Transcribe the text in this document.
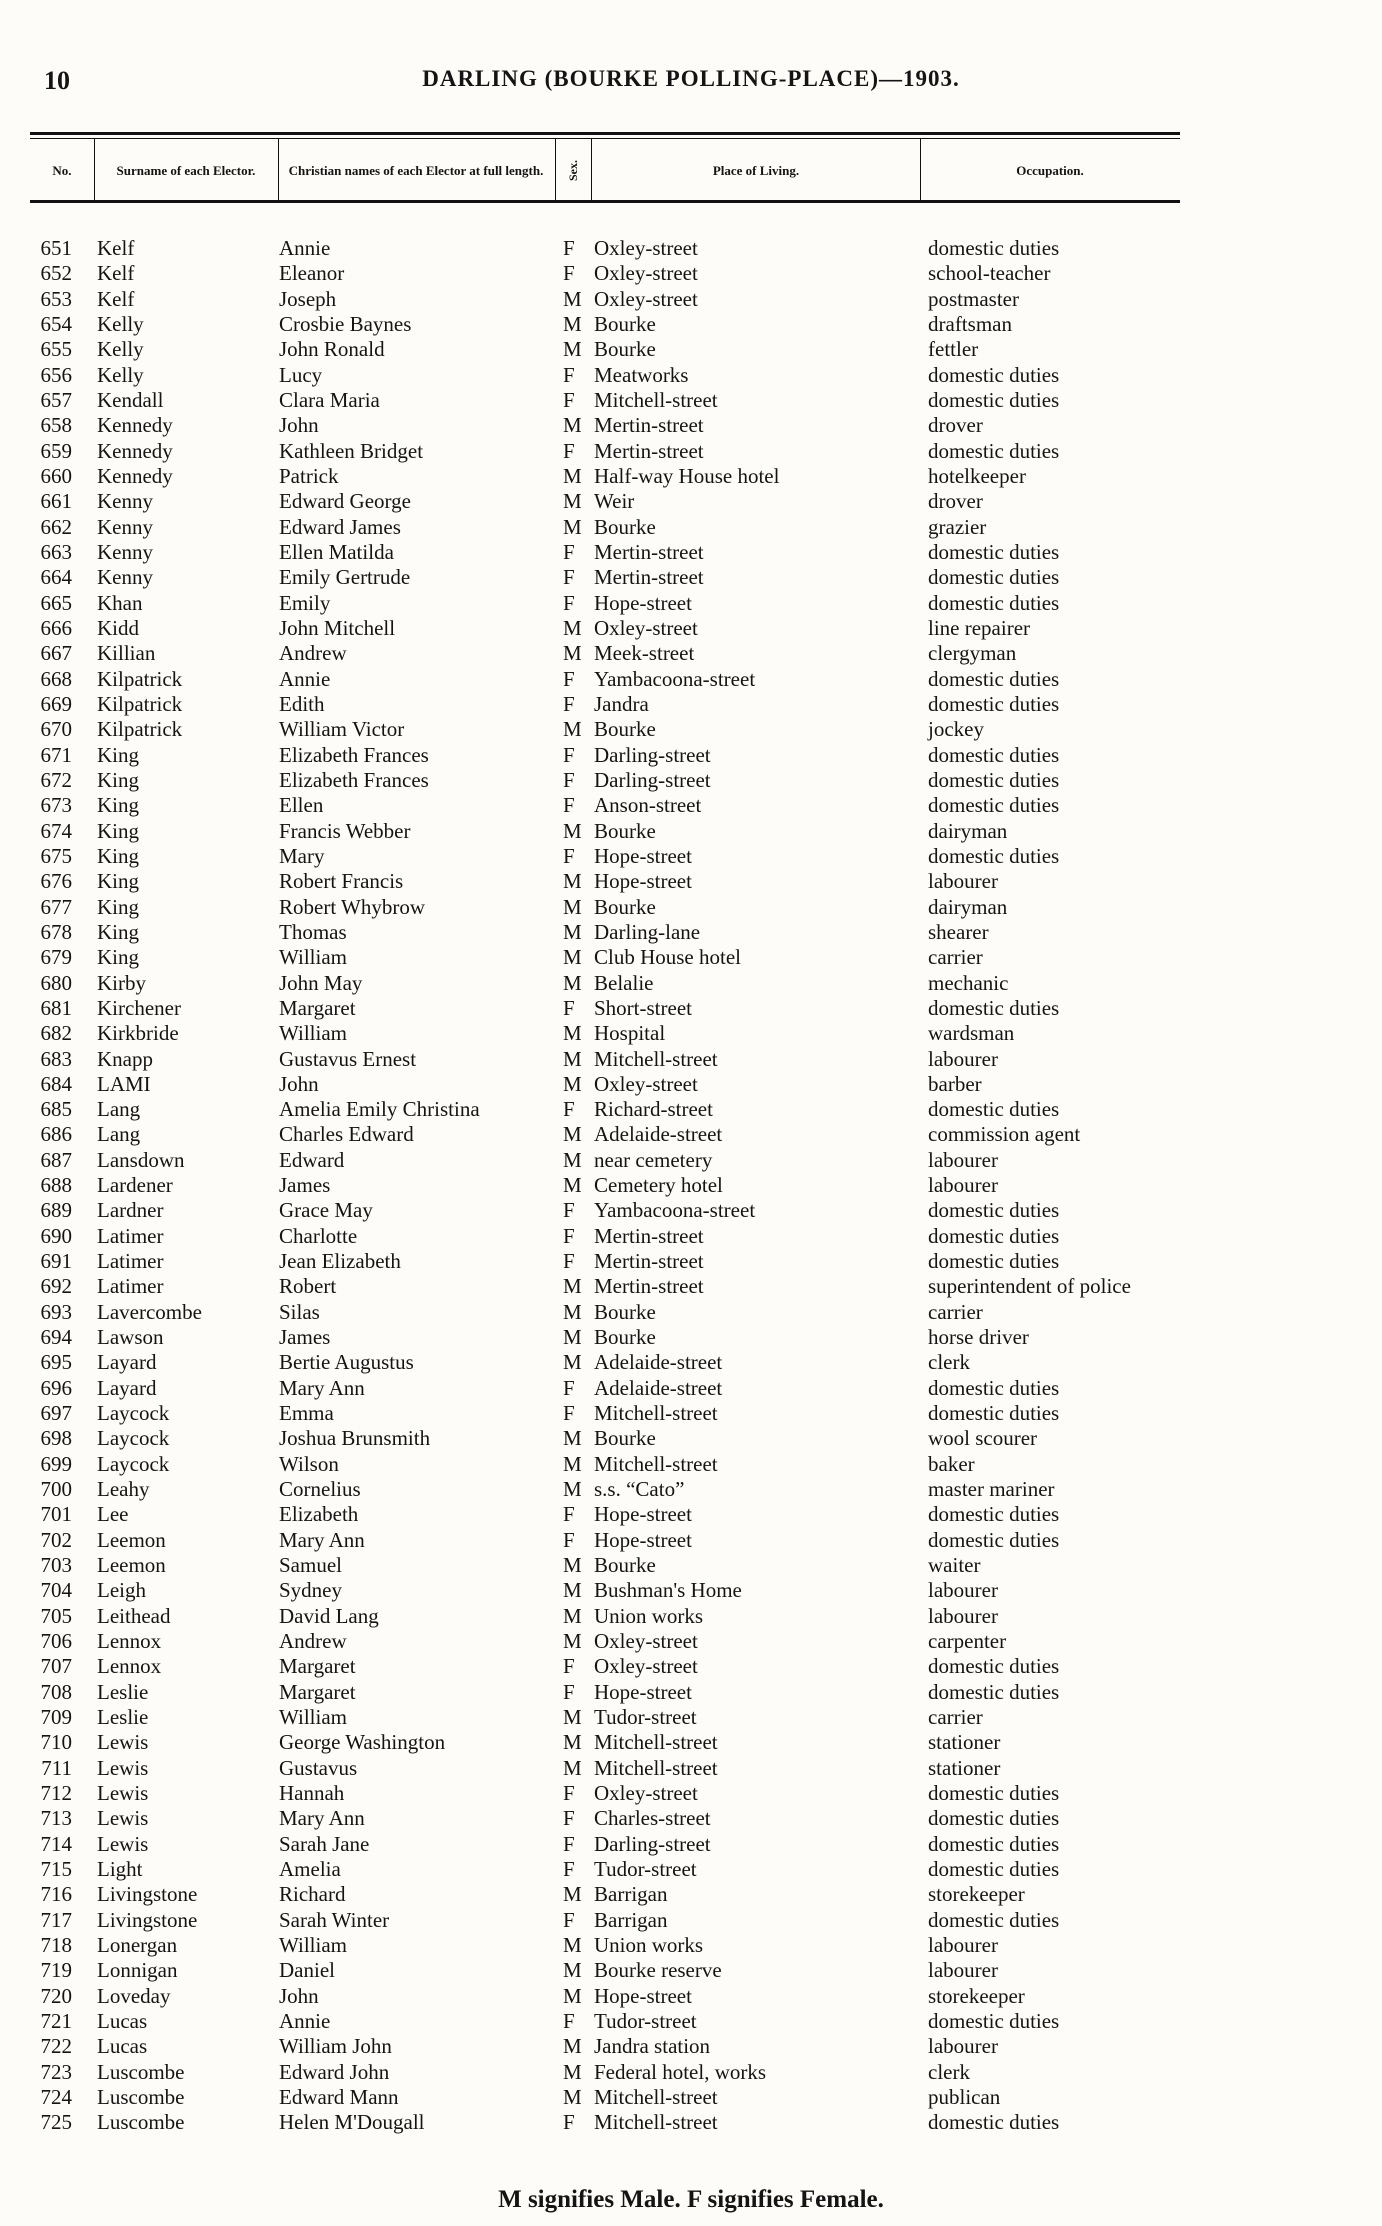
10	DARLING (BOURKE POLLING-PLACE)—1903.
No.	Surname of each Elector.	Christian names of each Elector at full length.	Sex.	Place of Living.	Occupation.
651 Kelf	Annie	F Oxley-street	domestic duties
652 Kelf	Eleanor	F Oxley-street	school-teacher
653 Kelf	Joseph	M Oxley-street	postmaster
654 Kelly	Crosbie Baynes	M Bourke	draftsman
655 Kelly	John Ronald	M Bourke	fettler
656 Kelly	Lucy	F Meatworks	domestic duties
657 Kendall	Clara Maria	F Mitchell-street	domestic duties
658 Kennedy	John	M Mertin-street	drover
659 Kennedy	Kathleen Bridget	F Mertin-street	domestic duties
660 Kennedy	Patrick	M Half-way House hotel	hotelkeeper
661 Kenny	Edward George	M Weir	drover
662 Kenny	Edward James	M Bourke	grazier
663 Kenny	Ellen Matilda	F Mertin-street	domestic duties
664 Kenny	Emily Gertrude	F Mertin-street	domestic duties
665 Khan	Emily	F Hope-street	domestic duties
666 Kidd	John Mitchell	M Oxley-street	line repairer
667 Killian	Andrew	M Meek-street	clergyman
668 Kilpatrick	Annie	F Yambacoona-street	domestic duties
669 Kilpatrick	Edith	F Jandra	domestic duties
670 Kilpatrick	William Victor	M Bourke	jockey
671 King	Elizabeth Frances	F Darling-street	domestic duties
672 King	Elizabeth Frances	F Darling-street	domestic duties
673 King	Ellen	F Anson-street	domestic duties
674 King	Francis Webber	M Bourke	dairyman
675 King	Mary	F Hope-street	domestic duties
676 King	Robert Francis	M Hope-street	labourer
677 King	Robert Whybrow	M Bourke	dairyman
678 King	Thomas	M Darling-lane	shearer
679 King	William	M Club House hotel	carrier
680 Kirby	John May	M Belalie	mechanic
681 Kirchener	Margaret	F Short-street	domestic duties
682 Kirkbride	William	M Hospital	wardsman
683 Knapp	Gustavus Ernest	M Mitchell-street	labourer
684 LAMI	John	M Oxley-street	barber
685 Lang	Amelia Emily Christina	F Richard-street	domestic duties
686 Lang	Charles Edward	M Adelaide-street	commission agent
687 Lansdown	Edward	M near cemetery	labourer
688 Lardener	James	M Cemetery hotel	labourer
689 Lardner	Grace May	F Yambacoona-street	domestic duties
690 Latimer	Charlotte	F Mertin-street	domestic duties
691 Latimer	Jean Elizabeth	F Mertin-street	domestic duties
692 Latimer	Robert	M Mertin-street	superintendent of police
693 Lavercombe	Silas	M Bourke	carrier
694 Lawson	James	M Bourke	horse driver
695 Layard	Bertie Augustus	M Adelaide-street	clerk
696 Layard	Mary Ann	F Adelaide-street	domestic duties
697 Laycock	Emma	F Mitchell-street	domestic duties
698 Laycock	Joshua Brunsmith	M Bourke	wool scourer
699 Laycock	Wilson	M Mitchell-street	baker
700 Leahy	Cornelius	M s.s. “Cato”	master mariner
701 Lee	Elizabeth	F Hope-street	domestic duties
702 Leemon	Mary Ann	F Hope-street	domestic duties
703 Leemon	Samuel	M Bourke	waiter
704 Leigh	Sydney	M Bushman's Home	labourer
705 Leithead	David Lang	M Union works	labourer
706 Lennox	Andrew	M Oxley-street	carpenter
707 Lennox	Margaret	F Oxley-street	domestic duties
708 Leslie	Margaret	F Hope-street	domestic duties
709 Leslie	William	M Tudor-street	carrier
710 Lewis	George Washington	M Mitchell-street	stationer
711 Lewis	Gustavus	M Mitchell-street	stationer
712 Lewis	Hannah	F Oxley-street	domestic duties
713 Lewis	Mary Ann	F Charles-street	domestic duties
714 Lewis	Sarah Jane	F Darling-street	domestic duties
715 Light	Amelia	F Tudor-street	domestic duties
716 Livingstone	Richard	M Barrigan	storekeeper
717 Livingstone	Sarah Winter	F Barrigan	domestic duties
718 Lonergan	William	M Union works	labourer
719 Lonnigan	Daniel	M Bourke reserve	labourer
720 Loveday	John	M Hope-street	storekeeper
721 Lucas	Annie	F Tudor-street	domestic duties
722 Lucas	William John	M Jandra station	labourer
723 Luscombe	Edward John	M Federal hotel, works	clerk
724 Luscombe	Edward Mann	M Mitchell-street	publican
725 Luscombe	Helen M'Dougall	F Mitchell-street	domestic duties
M signifies Male. F signifies Female.
